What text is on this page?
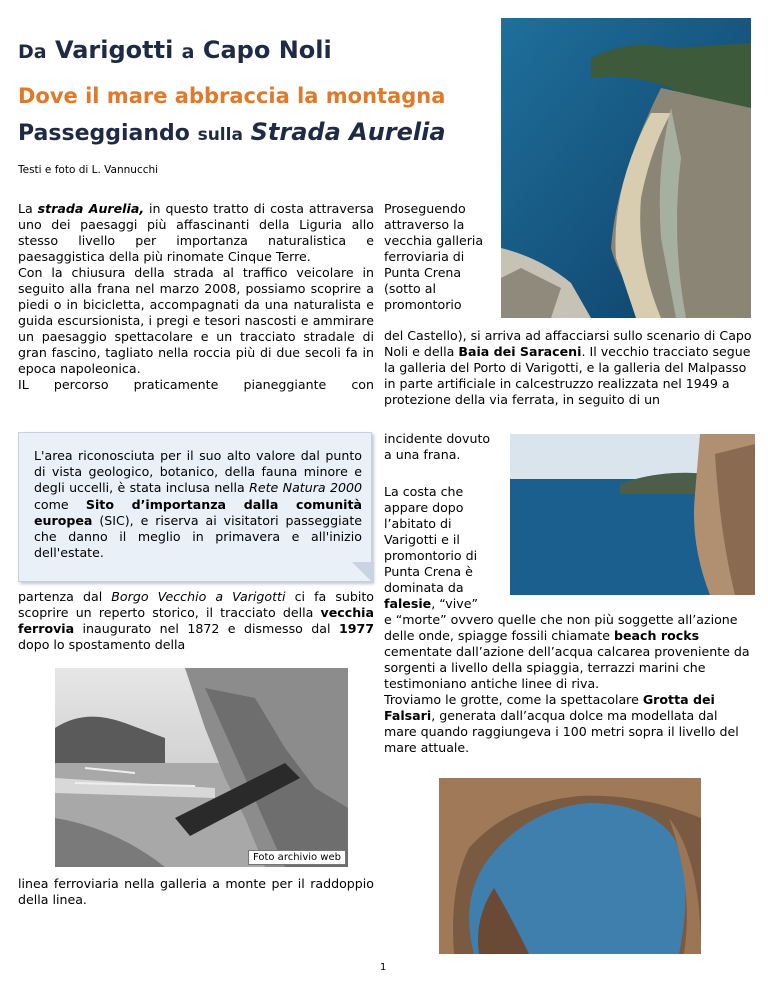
Da Varigotti a Capo Noli
Dove il mare abbraccia la montagna
Passeggiando sulla Strada Aurelia
Testi e foto di L. Vannucchi

La strada Aurelia, in questo tratto di costa attraversa uno dei paesaggi più affascinanti della Liguria allo stesso livello per importanza naturalistica e paesaggistica della più rinomate Cinque Terre.

Con la chiusura della strada al traffico veicolare in seguito alla frana nel marzo 2008, possiamo scoprire a piedi o in bicicletta, accompagnati da una naturalista e guida escursionista, i pregi e tesori nascosti e ammirare un paesaggio spettacolare e un tracciato stradale di gran fascino, tagliato nella roccia più di due secoli fa in epoca napoleonica.

IL percorso praticamente pianeggiante con

L'area riconosciuta per il suo alto valore dal punto di vista geologico, botanico, della fauna minore e degli uccelli, è stata inclusa nella Rete Natura 2000 come Sito d’importanza dalla comunità europea (SIC), e riserva ai visitatori passeggiate che danno il meglio in primavera e all'inizio dell'estate.
partenza dal Borgo Vecchio a Varigotti ci fa subito scoprire un reperto storico, il tracciato della vecchia ferrovia inaugurato nel 1872 e dismesso dal 1977 dopo lo spostamento della
Foto archivio web
linea ferroviaria nella galleria a monte per il raddoppio della linea.
Proseguendo attraverso la vecchia galleria ferroviaria di Punta Crena (sotto al promontorio
del Castello), si arriva ad affacciarsi sullo scenario di Capo Noli e della Baia dei Saraceni. Il vecchio tracciato segue la galleria del Porto di Varigotti, e la galleria del Malpasso in parte artificiale in calcestruzzo realizzata nel 1949 a protezione della via ferrata, in seguito di un
incidente dovuto a una frana.
La costa che appare dopo l’abitato di Varigotti e il promontorio di Punta Crena è dominata da falesie, “vive”
e “morte” ovvero quelle che non più soggette all’azione delle onde, spiagge fossili chiamate beach rocks cementate dall’azione dell’acqua calcarea proveniente da sorgenti a livello della spiaggia, terrazzi marini che testimoniano antiche linee di riva.
Troviamo le grotte, come la spettacolare Grotta dei Falsari, generata dall’acqua dolce ma modellata dal mare quando raggiungeva i 100 metri sopra il livello del mare attuale.
1
